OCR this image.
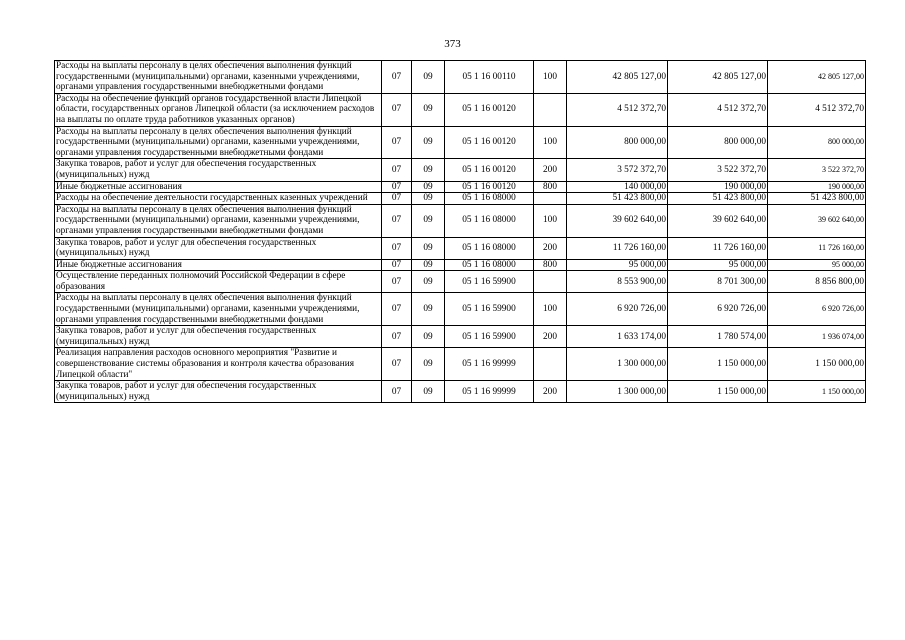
373
Расходы на выплаты персоналу в целях обеспечения выполнения функций государственными (муниципальными) органами, казенными учреждениями, органами управления государственными внебюджетными фондами	07	09	05 1 16 00110	100	42 805 127,00	42 805 127,00	42 805 127,00
Расходы на обеспечение функций органов государственной власти Липецкой области, государственных органов Липецкой области (за исключением расходов на выплаты по оплате труда работников указанных органов)	07	09	05 1 16 00120		4 512 372,70	4 512 372,70	4 512 372,70
Расходы на выплаты персоналу в целях обеспечения выполнения функций государственными (муниципальными) органами, казенными учреждениями, органами управления государственными внебюджетными фондами	07	09	05 1 16 00120	100	800 000,00	800 000,00	800 000,00
Закупка товаров, работ и услуг для обеспечения государственных (муниципальных) нужд	07	09	05 1 16 00120	200	3 572 372,70	3 522 372,70	3 522 372,70
Иные бюджетные ассигнования	07	09	05 1 16 00120	800	140 000,00	190 000,00	190 000,00
Расходы на обеспечение деятельности государственных казенных учреждений	07	09	05 1 16 08000		51 423 800,00	51 423 800,00	51 423 800,00
Расходы на выплаты персоналу в целях обеспечения выполнения функций государственными (муниципальными) органами, казенными учреждениями, органами управления государственными внебюджетными фондами	07	09	05 1 16 08000	100	39 602 640,00	39 602 640,00	39 602 640,00
Закупка товаров, работ и услуг для обеспечения государственных (муниципальных) нужд	07	09	05 1 16 08000	200	11 726 160,00	11 726 160,00	11 726 160,00
Иные бюджетные ассигнования	07	09	05 1 16 08000	800	95 000,00	95 000,00	95 000,00
Осуществление переданных полномочий Российской Федерации в сфере образования	07	09	05 1 16 59900		8 553 900,00	8 701 300,00	8 856 800,00
Расходы на выплаты персоналу в целях обеспечения выполнения функций государственными (муниципальными) органами, казенными учреждениями, органами управления государственными внебюджетными фондами	07	09	05 1 16 59900	100	6 920 726,00	6 920 726,00	6 920 726,00
Закупка товаров, работ и услуг для обеспечения государственных (муниципальных) нужд	07	09	05 1 16 59900	200	1 633 174,00	1 780 574,00	1 936 074,00
Реализация направления расходов основного мероприятия "Развитие и совершенствование системы образования и контроля качества образования Липецкой области"	07	09	05 1 16 99999		1 300 000,00	1 150 000,00	1 150 000,00
Закупка товаров, работ и услуг для обеспечения государственных (муниципальных) нужд	07	09	05 1 16 99999	200	1 300 000,00	1 150 000,00	1 150 000,00
